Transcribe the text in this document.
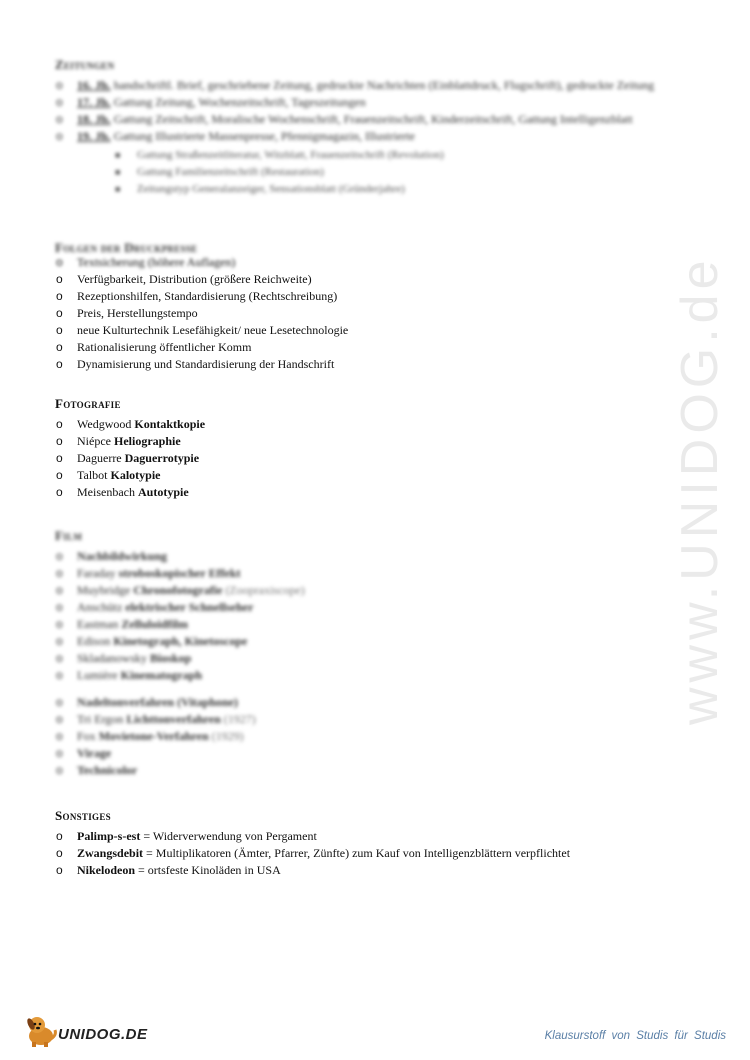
Zeitungen
o 16. Jh. handschriftl. Brief, geschriebene Zeitung, gedruckte Nachrichten (Einblattdruck, Flugschrift), gedruckte Zeitung
o 17. Jh. Gattung Zeitung, Wochenzeitschrift, Tageszeitungen
o 18. Jh. Gattung Zeitschrift, Moralische Wochenschrift, Frauenzeitschrift, Kinderzeitschrift, Gattung Intelligenzblatt
o 19. Jh. Gattung Illustrierte Massenpresse, Pfennigmagazin, Illustrierte
■ Gattung Straßenzeitliteratur, Witzblatt, Frauenzeitschrift (Revolution)
■ Gattung Familienzeitschrift (Restauration)
■ Zeitungstyp Generalanzeiger, Sensationsblatt (Gründerjahre)
Folgen der Druckpresse
o Textsicherung (höhere Auflagen)
o Verfügbarkeit, Distribution (größere Reichweite)
o Rezeptionshilfen, Standardisierung (Rechtschreibung)
o Preis, Herstellungstempo
o neue Kulturtechnik Lesefähigkeit/ neue Lesetechnologie
o Rationalisierung öffentlicher Komm
o Dynamisierung und Standardisierung der Handschrift
Fotografie
o Wedgwood Kontaktkopie
o Niépce Heliographie
o Daguerre Daguerrotypie
o Talbot Kalotypie
o Meisenbach Autotypie
Film
o Nachbildwirkung
o Faraday stroboskopischer Effekt
o Muybridge Chronofotografie (Zoopraxiscope)
o Anschütz elektrischer Schnellseher
o Eastman Zelluloidfilm
o Edison Kinetograph, Kinetoscope
o Skladanowsky Bioskop
o Lumière Kinematograph
o Nadeltonverfahren (Vitaphone)
o Tri Ergon Lichttonverfahren (1927)
o Fox Movietone-Verfahren (1929)
o Virage
o Technicolor
Sonstiges
o Palimp-s-est = Widerverwendung von Pergament
o Zwangsdebit = Multiplikatoren (Ämter, Pfarrer, Zünfte) zum Kauf von Intelligenzblättern verpflichtet
o Nikelodeon = ortsfeste Kinoläden in USA
www.UNIDOG.de
UNIDOG.DE	Klausurstoff von Studis für Studis
